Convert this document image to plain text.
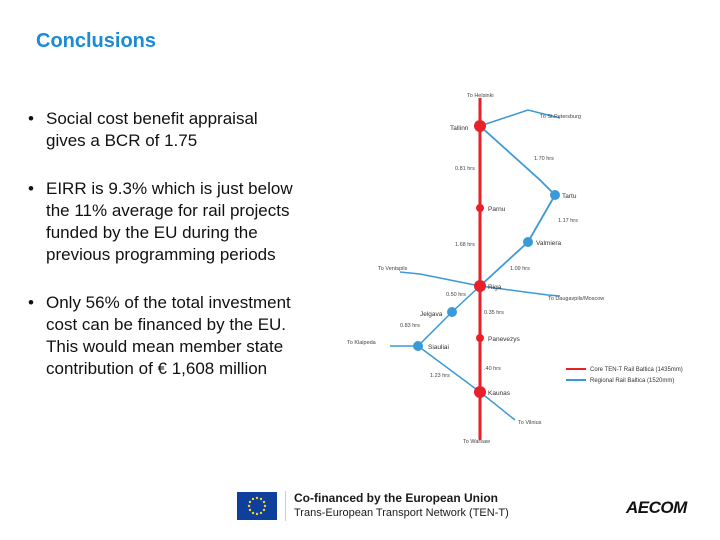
Conclusions
• Social cost benefit appraisal
gives a BCR of 1.75
• EIRR is 9.3% which is just below
the 11% average for rail projects
funded by the EU during the
previous programming periods
• Only 56% of the total investment
cost can be financed by the EU.
This would mean member state
contribution of € 1,608 million
Tallinn
Parnu
Tartu
Valmiera
Riga
Jelgava
Siauliai
Panevezys
Kaunas
To Helsinki
To St.Petersburg
To Ventspils
To Daugavpils/Moscow
To Klaipeda
To Vilnius
To Warsaw
0.81 hrs
1.70 hrs
1.17 hrs
1.68 hrs
1.09 hrs
0.50 hrs
0.35 hrs
0.83 hrs
.40 hrs
1.23 hrs
Core TEN-T Rail Baltica (1435mm)
Regional Rail Baltica (1520mm)
Co-financed by the European Union
Trans-European Transport Network (TEN-T)	AECOM
